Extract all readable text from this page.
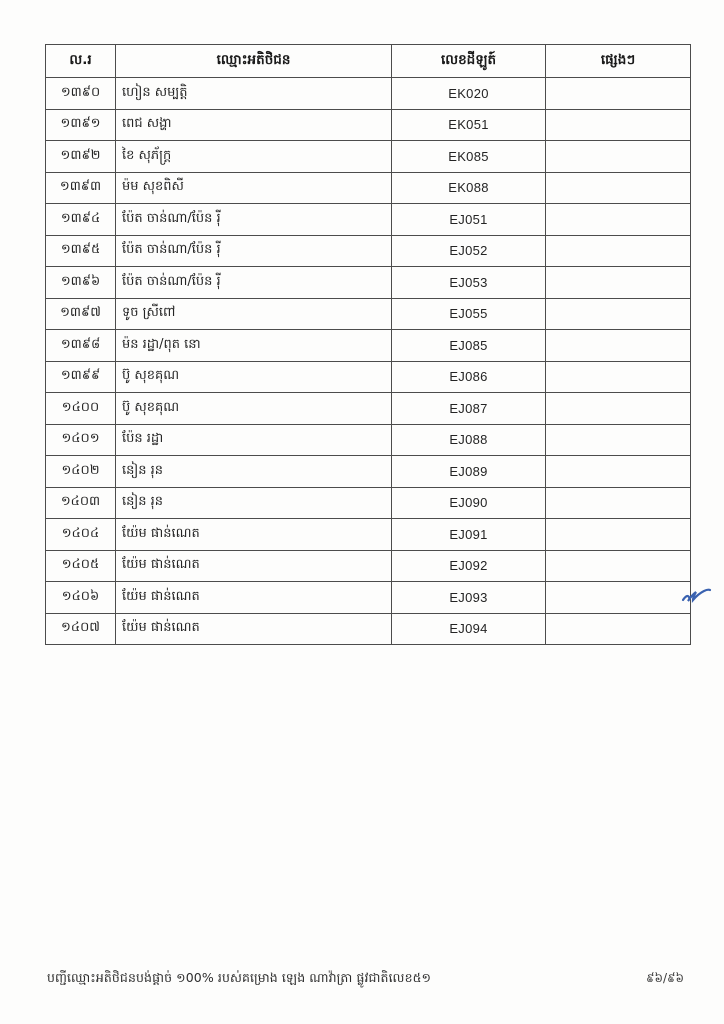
ល.រ	ឈ្មោះអតិថិជន	លេខដីឡូត៍	ផ្សេងៗ
១៣៩០	ហៀន សម្បត្តិ	EK020	
១៣៩១	ពេជ សង្ហា	EK051	
១៣៩២	ខៃ សុភ័ក្ត្រ	EK085	
១៣៩៣	ម៉ម សុខពិសី	EK088	
១៣៩៤	ប៉ែត ចាន់ណា/ប៉ែន រ៉ី	EJ051	
១៣៩៥	ប៉ែត ចាន់ណា/ប៉ែន រ៉ី	EJ052	
១៣៩៦	ប៉ែត ចាន់ណា/ប៉ែន រ៉ី	EJ053	
១៣៩៧	ទូច ស្រីពៅ	EJ055	
១៣៩៨	ម៉ន រដ្ឋា/ពុត នោ	EJ085	
១៣៩៩	ប៊ូ សុខគុណ	EJ086	
១៤០០	ប៊ូ សុខគុណ	EJ087	
១៤០១	ប៉ែន រដ្ឋា	EJ088	
១៤០២	នៀន រុន	EJ089	
១៤០៣	នៀន រុន	EJ090	
១៤០៤	យ៉ែម ផាន់ណេត	EJ091	
១៤០៥	យ៉ែម ផាន់ណេត	EJ092	
១៤០៦	យ៉ែម ផាន់ណេត	EJ093	
១៤០៧	យ៉ែម ផាន់ណេត	EJ094	
បញ្ជីឈ្មោះអតិថិជនបង់ផ្តាច់ ១00% របស់គម្រោង ឡេង ណាវ៉ាត្រា ផ្លូវជាតិលេខ៥១	៩៦/៩៦
